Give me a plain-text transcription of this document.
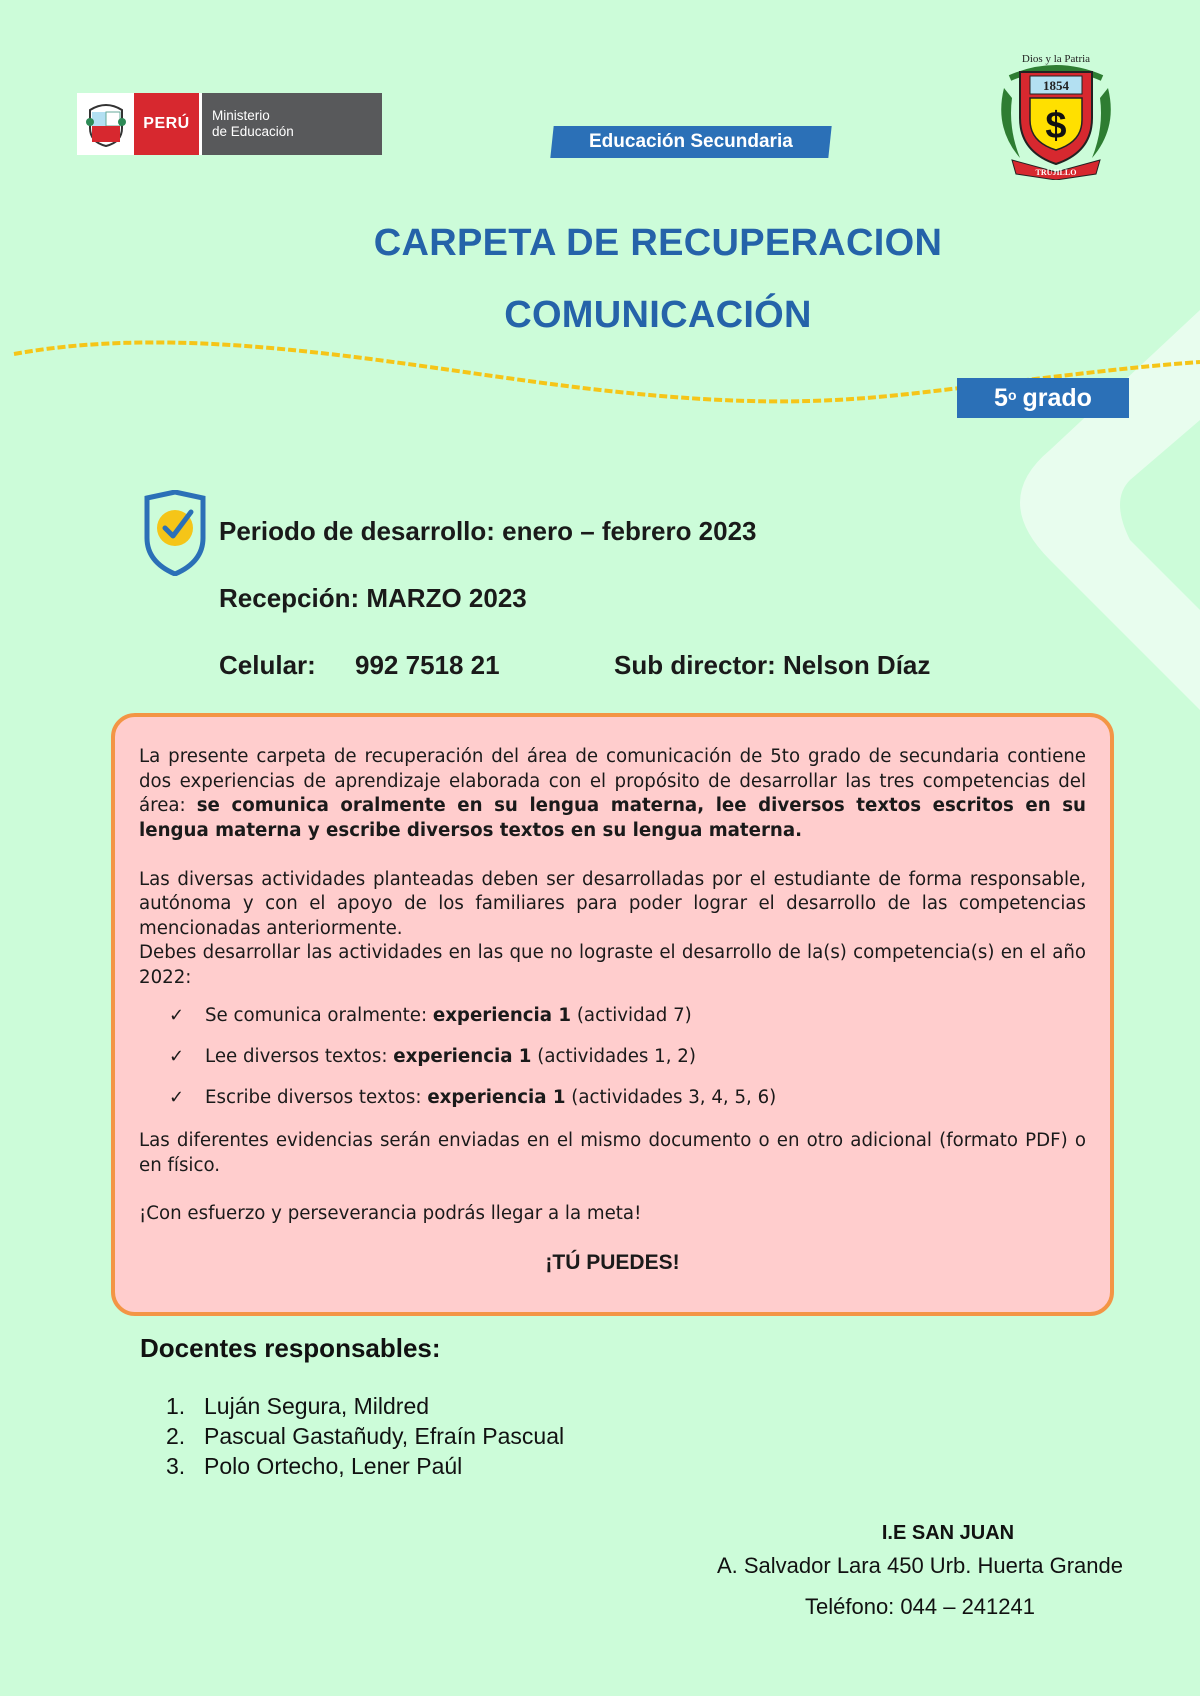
PERÚ	Ministerio
de Educación	Educación Secundaria
Dios y la Patria
1854
$
TRUJILLO
CARPETA DE RECUPERACION
COMUNICACIÓN
5$^o$ grado
Periodo de desarrollo: enero – febrero 2023
Recepción: MARZO 2023
Celular: 992 7518 21	Sub director: Nelson Díaz

La presente carpeta de recuperación del área de comunicación de 5to grado de secundaria contiene dos experiencias de aprendizaje elaborada con el propósito de desarrollar las tres competencias del área: se comunica oralmente en su lengua materna, lee diversos textos escritos en su lengua materna y escribe diversos textos en su lengua materna.

Las diversas actividades planteadas deben ser desarrolladas por el estudiante de forma responsable, autónoma y con el apoyo de los familiares para poder lograr el desarrollo de las competencias mencionadas anteriormente.

Debes desarrollar las actividades en las que no lograste el desarrollo de la(s) competencia(s) en el año 2022:

✓	Se comunica oralmente: experiencia 1 (actividad 7)
✓	Lee diversos textos: experiencia 1 (actividades 1, 2)
✓	Escribe diversos textos: experiencia 1 (actividades 3, 4, 5, 6)

Las diferentes evidencias serán enviadas en el mismo documento o en otro adicional (formato PDF) o en físico.

¡Con esfuerzo y perseverancia podrás llegar a la meta!

¡TÚ PUEDES!

Docentes responsables:
1. Luján Segura, Mildred
2. Pascual Gastañudy, Efraín Pascual
3. Polo Ortecho, Lener Paúl
I.E SAN JUAN
A. Salvador Lara 450 Urb. Huerta Grande
Teléfono: 044 – 241241
